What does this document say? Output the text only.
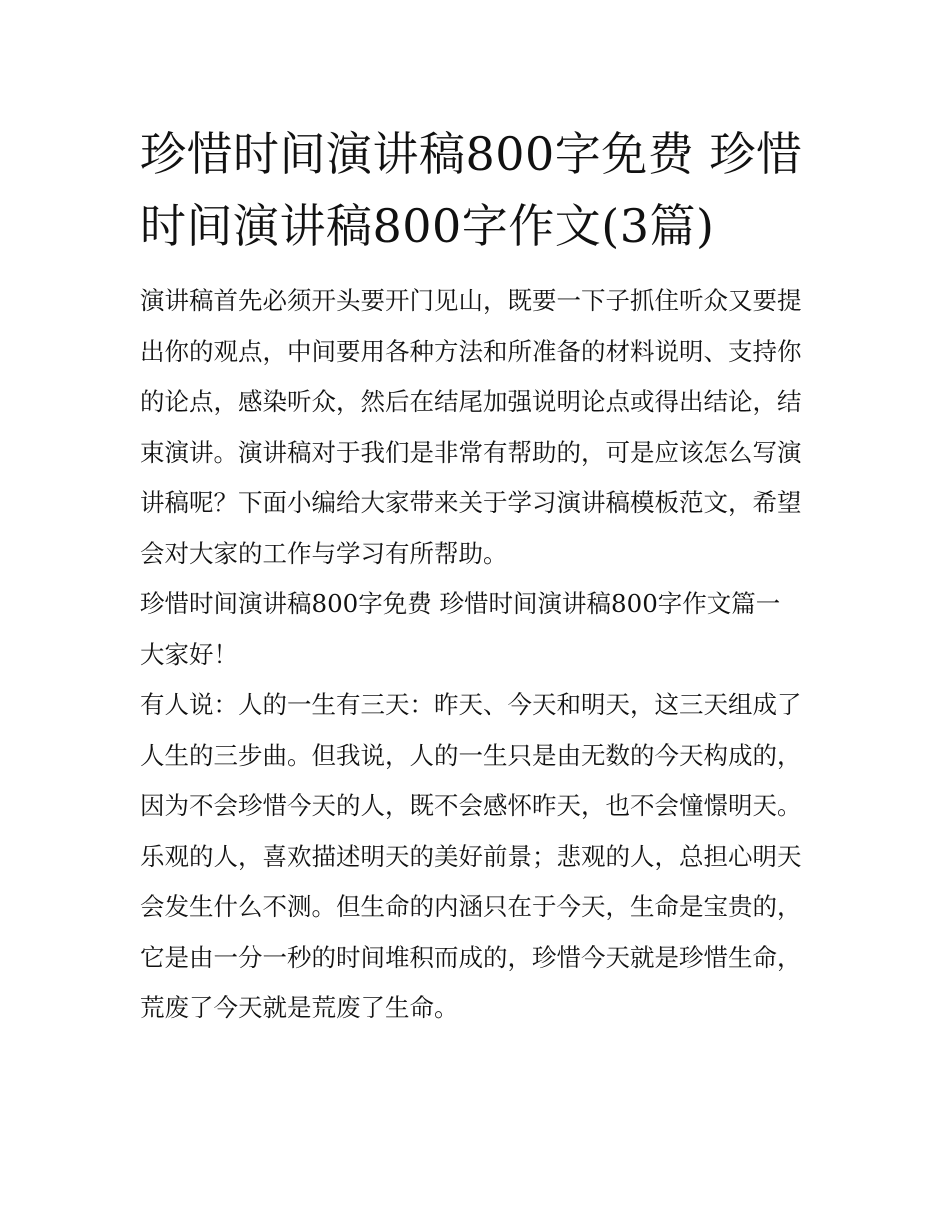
珍惜时间演讲稿800字免费 珍惜时间演讲稿800字作文(3篇)

演讲稿首先必须开头要开门见山，既要一下子抓住听众又要提出你的观点，中间要用各种方法和所准备的材料说明、支持你的论点，感染听众，然后在结尾加强说明论点或得出结论，结束演讲。演讲稿对于我们是非常有帮助的，可是应该怎么写演讲稿呢？下面小编给大家带来关于学习演讲稿模板范文，希望会对大家的工作与学习有所帮助。

珍惜时间演讲稿800字免费 珍惜时间演讲稿800字作文篇一

大家好！

有人说：人的一生有三天：昨天、今天和明天，这三天组成了人生的三步曲。但我说，人的一生只是由无数的今天构成的，因为不会珍惜今天的人，既不会感怀昨天，也不会憧憬明天。乐观的人，喜欢描述明天的美好前景；悲观的人，总担心明天会发生什么不测。但生命的内涵只在于今天，生命是宝贵的，它是由一分一秒的时间堆积而成的，珍惜今天就是珍惜生命，荒废了今天就是荒废了生命。
